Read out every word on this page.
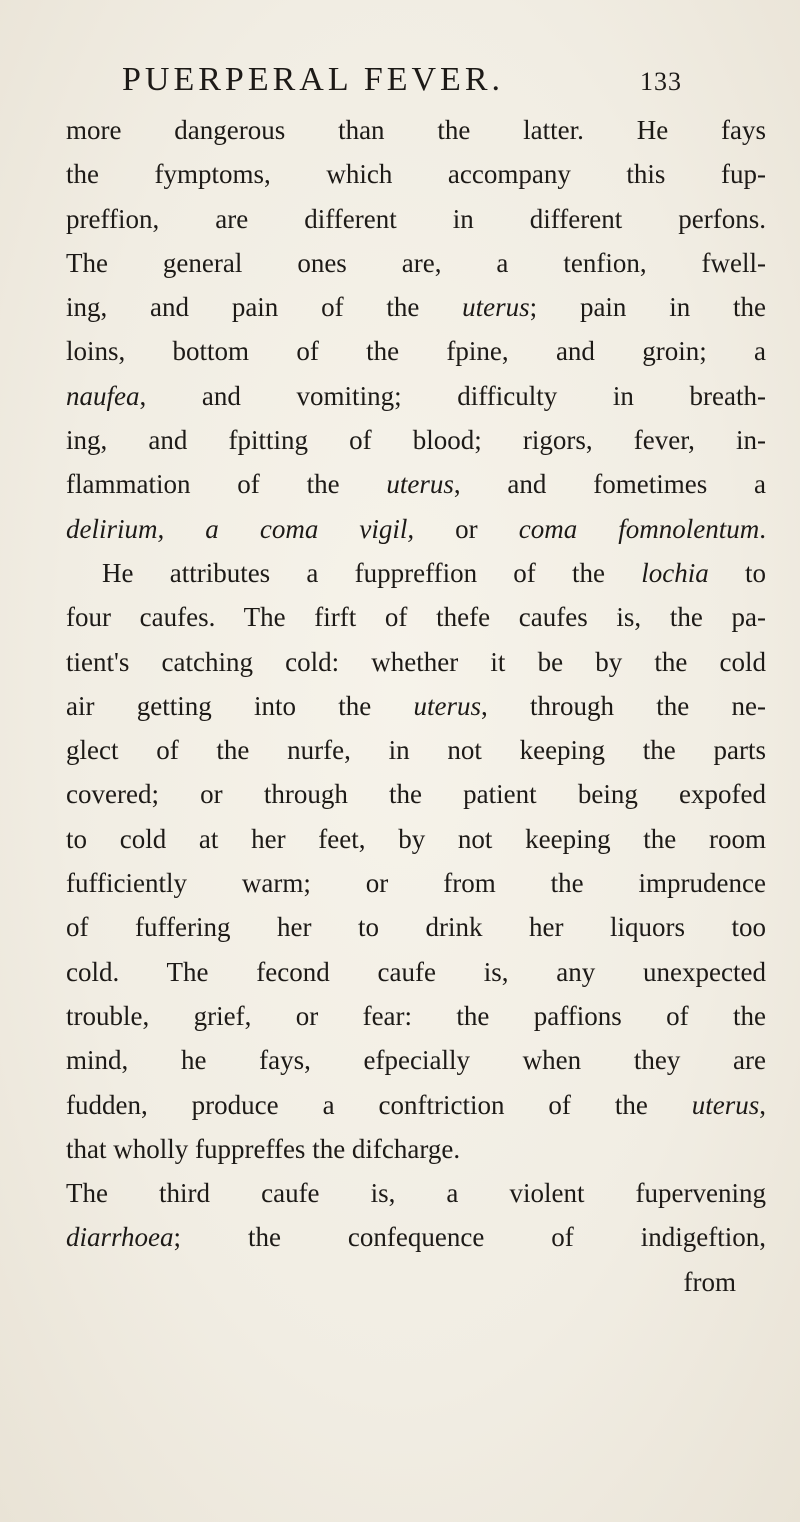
PUERPERAL FEVER.	133
more dangerous than the latter. He fays
the fymptoms, which accompany this fup-
preffion, are different in different perfons.
The general ones are, a tenfion, fwell-
ing, and pain of the uterus; pain in the
loins, bottom of the fpine, and groin; a
naufea, and vomiting; difficulty in breath-
ing, and fpitting of blood; rigors, fever, in-
flammation of the uterus, and fometimes a
delirium, a coma vigil, or coma fomnolentum.
He attributes a fuppreffion of the lochia to
four caufes. The firft of thefe caufes is, the pa-
tient's catching cold: whether it be by the cold
air getting into the uterus, through the ne-
glect of the nurfe, in not keeping the parts
covered; or through the patient being expofed
to cold at her feet, by not keeping the room
fufficiently warm; or from the imprudence
of fuffering her to drink her liquors too
cold. The fecond caufe is, any unexpected
trouble, grief, or fear: the paffions of the
mind, he fays, efpecially when they are
fudden, produce a conftriction of the uterus,
that wholly fuppreffes the difcharge.
The third caufe is, a violent fupervening
diarrhoea; the confequence of indigeftion,
from
